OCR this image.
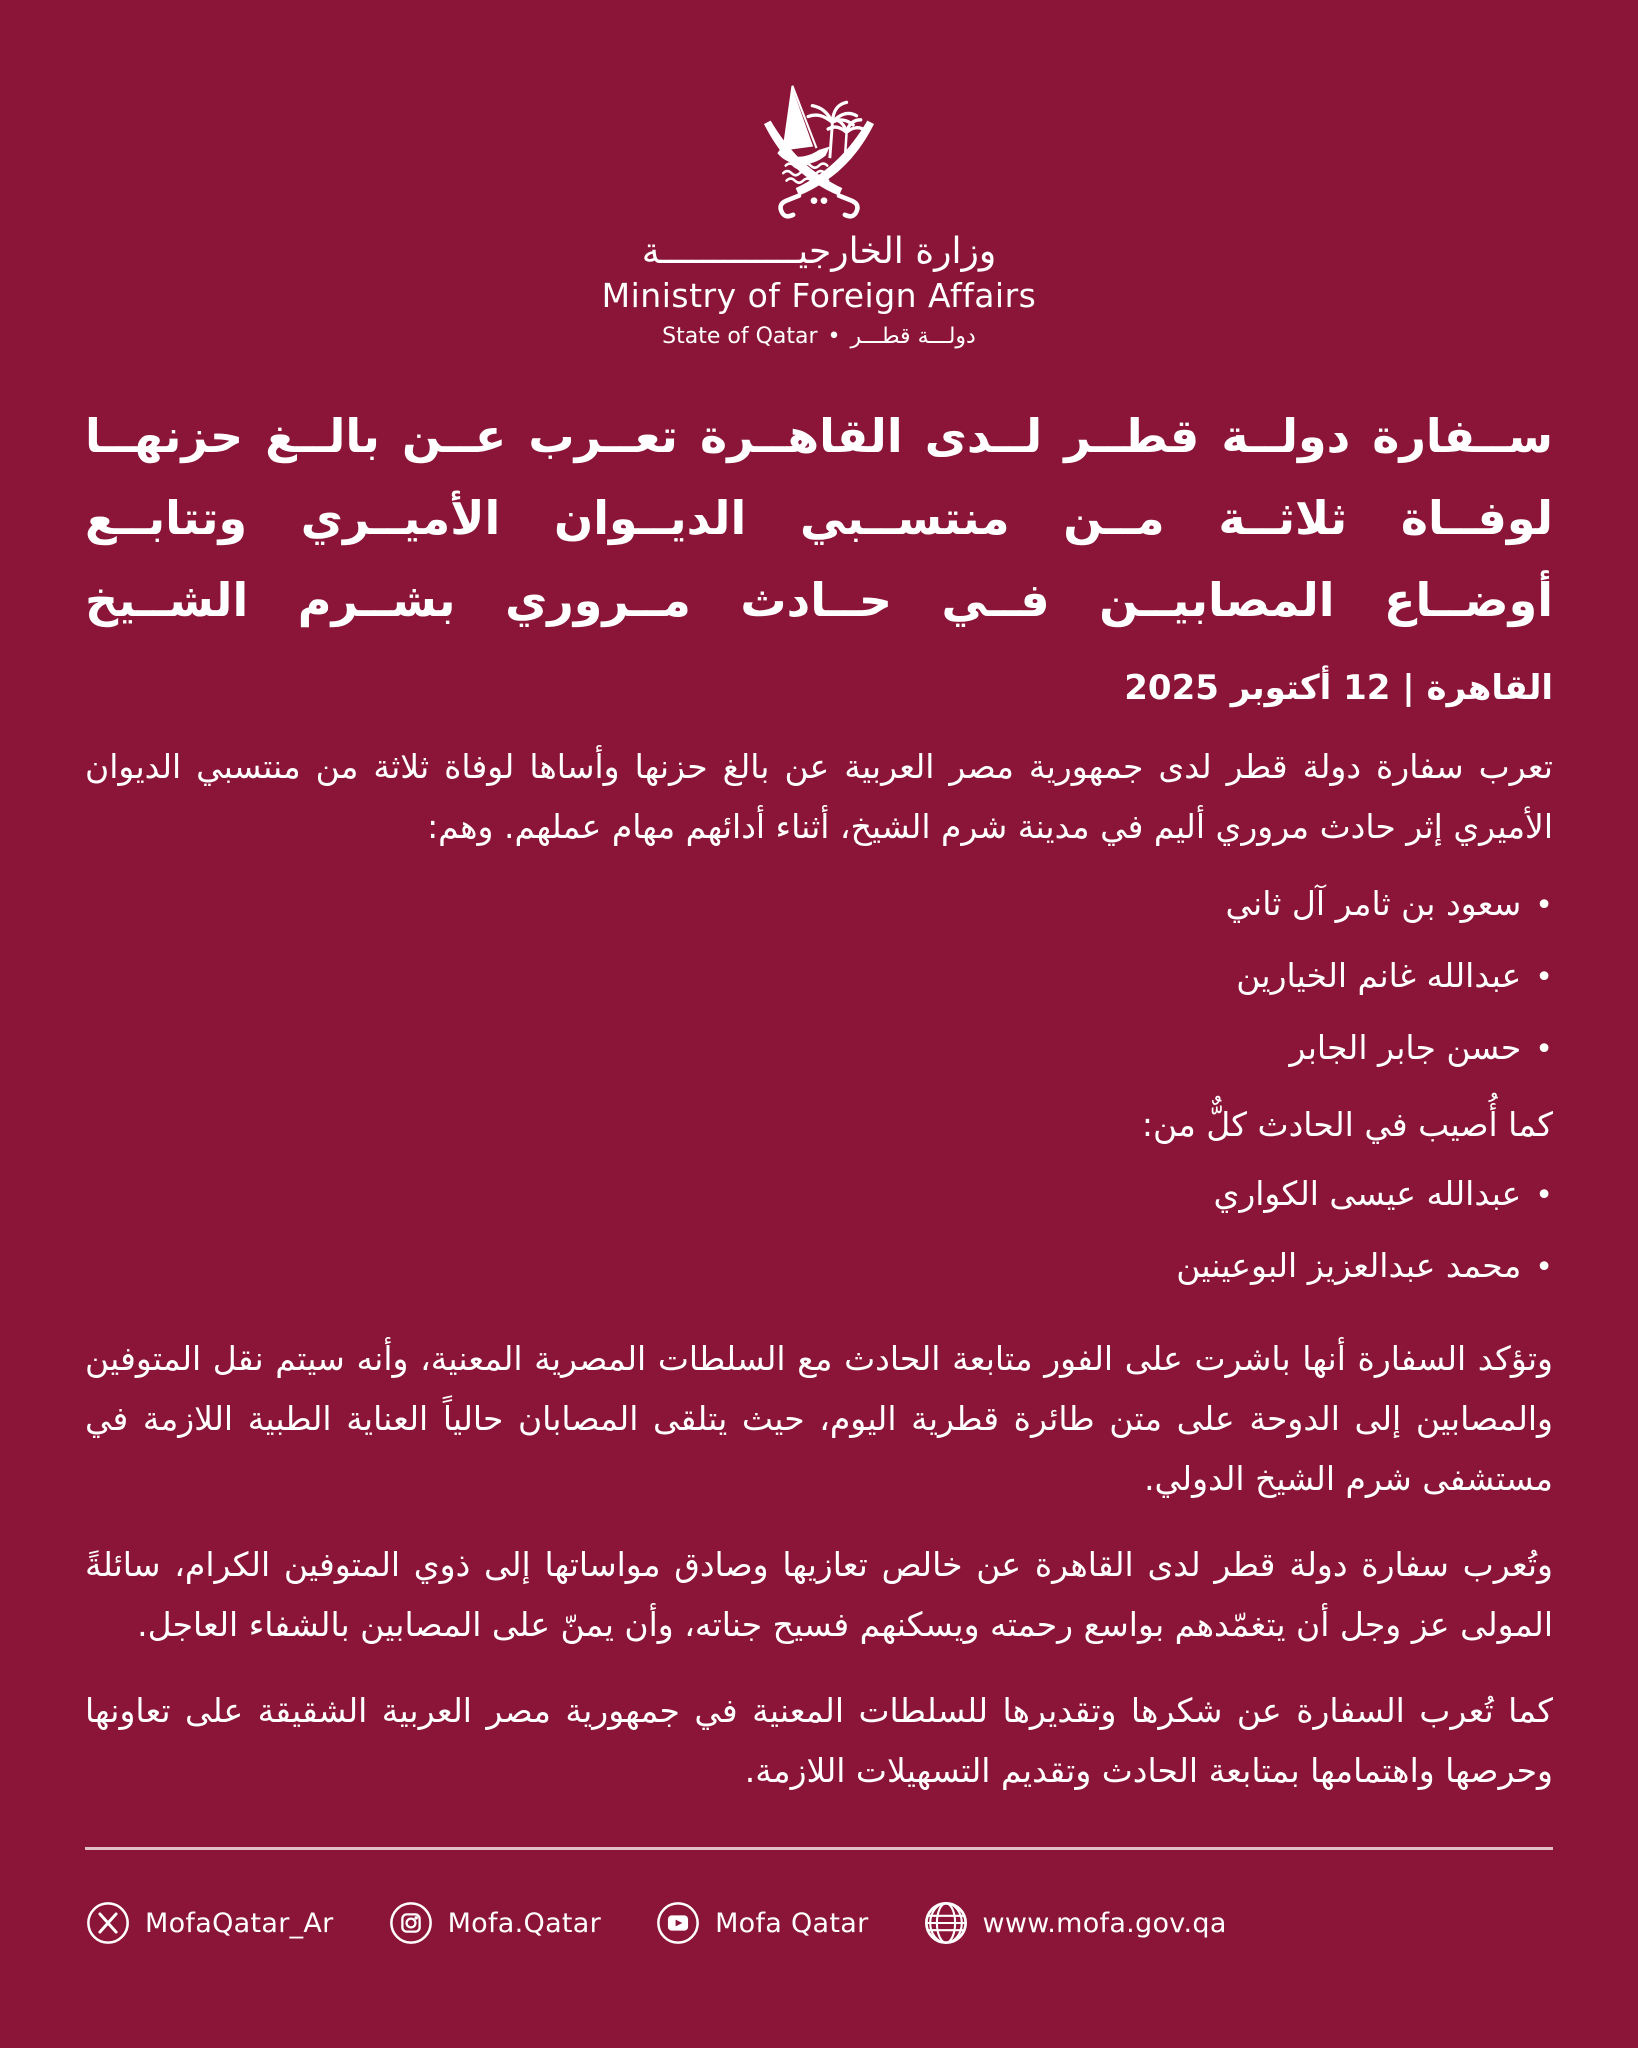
وزارة الخارجيـــــــــــــة
Ministry of Foreign Affairs
State of Qatar • دولـــة قطـــر
ســفارة دولــة قطــر لــدى القاهــرة تعــرب عــن بالــغ حزنهــا
لوفــاة ثلاثــة مــن منتســبي الديــوان الأميــري وتتابــع
أوضــاع المصابيــن فــي حــادث مــروري بشــرم الشــيخ
القاهرة | 12 أكتوبر 2025

تعرب سفارة دولة قطر لدى جمهورية مصر العربية عن بالغ حزنها وأساها لوفاة ثلاثة من منتسبي الديوان الأميري إثر حادث مروري أليم في مدينة شرم الشيخ، أثناء أدائهم مهام عملهم. وهم:

•سعود بن ثامر آل ثاني
•عبدالله غانم الخيارين
•حسن جابر الجابر

كما أُصيب في الحادث كلٌّ من:

•عبدالله عيسى الكواري
•محمد عبدالعزيز البوعينين

وتؤكد السفارة أنها باشرت على الفور متابعة الحادث مع السلطات المصرية المعنية، وأنه سيتم نقل المتوفين والمصابين إلى الدوحة على متن طائرة قطرية اليوم، حيث يتلقى المصابان حالياً العناية الطبية اللازمة في مستشفى شرم الشيخ الدولي.

وتُعرب سفارة دولة قطر لدى القاهرة عن خالص تعازيها وصادق مواساتها إلى ذوي المتوفين الكرام، سائلةً المولى عز وجل أن يتغمّدهم بواسع رحمته ويسكنهم فسيح جناته، وأن يمنّ على المصابين بالشفاء العاجل.

كما تُعرب السفارة عن شكرها وتقديرها للسلطات المعنية في جمهورية مصر العربية الشقيقة على تعاونها وحرصها واهتمامها بمتابعة الحادث وتقديم التسهيلات اللازمة.

MofaQatar_Ar	Mofa.Qatar	Mofa Qatar	www.mofa.gov.qa
